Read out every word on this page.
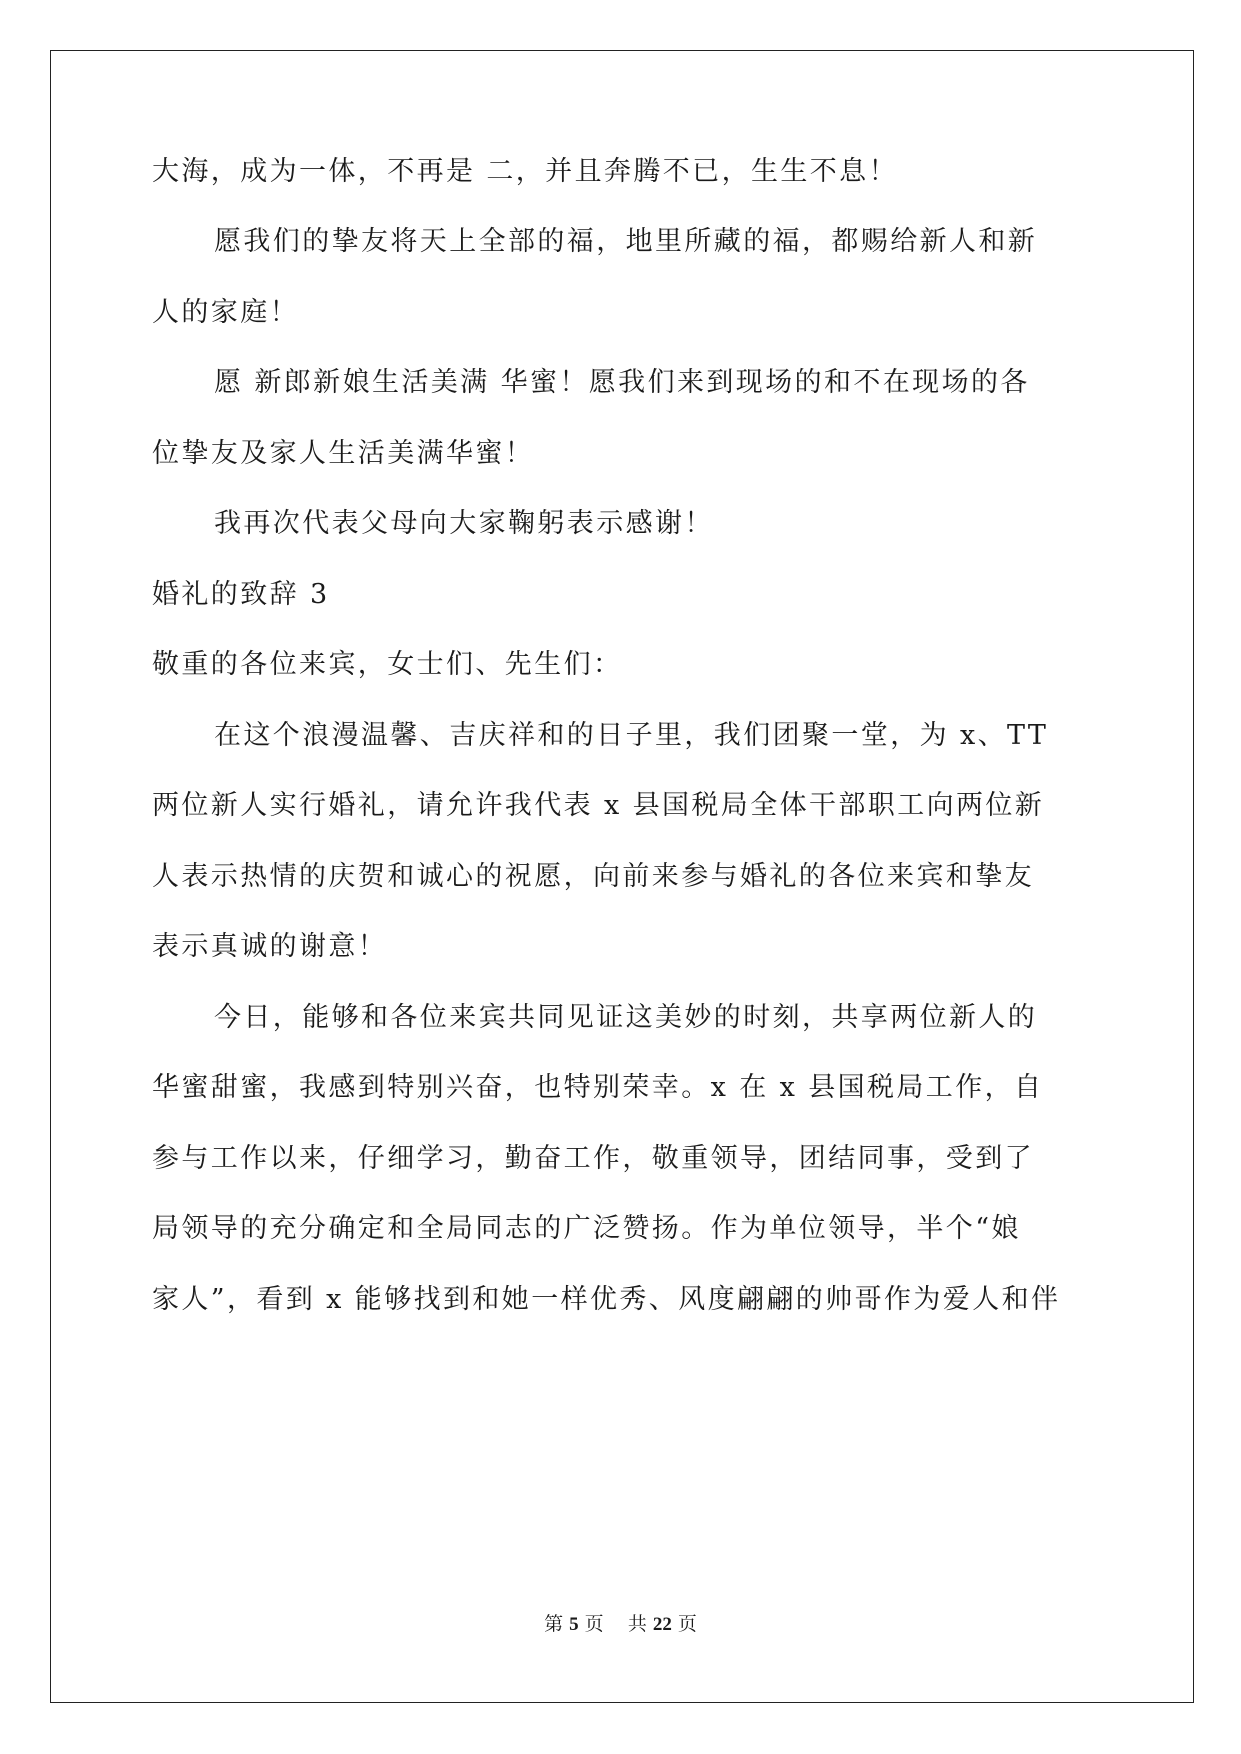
大海，成为一体，不再是 二，并且奔腾不已，生生不息！
愿我们的挚友将天上全部的福，地里所藏的福，都赐给新人和新
人的家庭！
愿 新郎新娘生活美满 华蜜！愿我们来到现场的和不在现场的各
位挚友及家人生活美满华蜜！
我再次代表父母向大家鞠躬表示感谢！
婚礼的致辞 3
敬重的各位来宾，女士们、先生们：
在这个浪漫温馨、吉庆祥和的日子里，我们团聚一堂，为 x、TT
两位新人实行婚礼，请允许我代表 x 县国税局全体干部职工向两位新
人表示热情的庆贺和诚心的祝愿，向前来参与婚礼的各位来宾和挚友
表示真诚的谢意！
今日，能够和各位来宾共同见证这美妙的时刻，共享两位新人的
华蜜甜蜜，我感到特别兴奋，也特别荣幸。x 在 x 县国税局工作，自
参与工作以来，仔细学习，勤奋工作，敬重领导，团结同事，受到了
局领导的充分确定和全局同志的广泛赞扬。作为单位领导，半个“娘
家人”，看到 x 能够找到和她一样优秀、风度翩翩的帅哥作为爱人和伴
第 5 页    共 22 页
